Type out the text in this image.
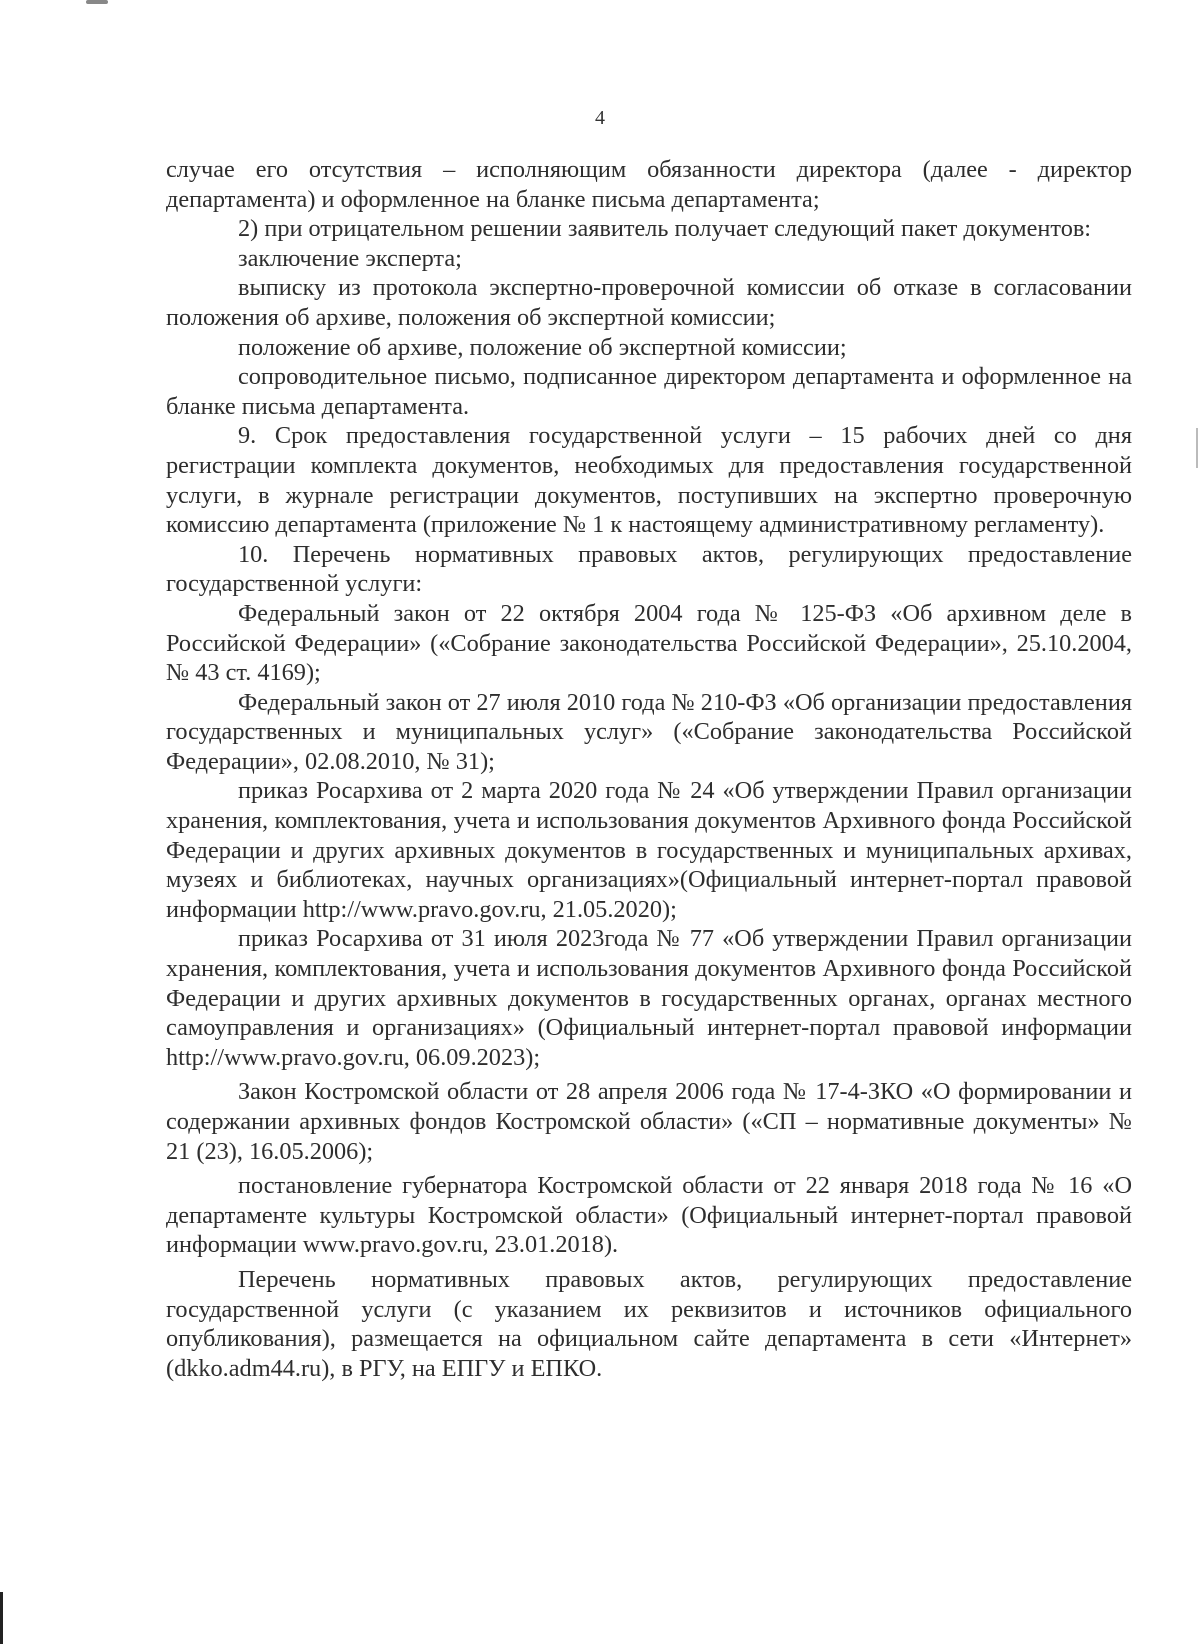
4

случае его отсутствия – исполняющим обязанности директора (далее - директор департамента) и оформленное на бланке письма департамента;

2) при отрицательном решении заявитель получает следующий пакет документов:

заключение эксперта;

выписку из протокола экспертно-проверочной комиссии об отказе в согласовании положения об архиве, положения об экспертной комиссии;

положение об архиве, положение об экспертной комиссии;

сопроводительное письмо, подписанное директором департамента и оформленное на бланке письма департамента.

9. Срок предоставления государственной услуги – 15 рабочих дней со дня регистрации комплекта документов, необходимых для предоставления государственной услуги, в журнале регистрации документов, поступивших на экспертно проверочную комиссию департамента (приложение № 1 к настоящему административному регламенту).

10. Перечень нормативных правовых актов, регулирующих предоставление государственной услуги:

Федеральный закон от 22 октября 2004 года № 125-ФЗ «Об архивном деле в Российской Федерации» («Собрание законодательства Российской Федерации», 25.10.2004, № 43 ст. 4169);

Федеральный закон от 27 июля 2010 года № 210-ФЗ «Об организации предоставления государственных и муниципальных услуг» («Собрание законодательства Российской Федерации», 02.08.2010, № 31);

приказ Росархива от 2 марта 2020 года № 24 «Об утверждении Правил организации хранения, комплектования, учета и использования документов Архивного фонда Российской Федерации и других архивных документов в государственных и муниципальных архивах, музеях и библиотеках, научных организациях»(Официальный интернет-портал правовой информации http://www.pravo.gov.ru, 21.05.2020);

приказ Росархива от 31 июля 2023года № 77 «Об утверждении Правил организации хранения, комплектования, учета и использования документов Архивного фонда Российской Федерации и других архивных документов в государственных органах, органах местного самоуправления и организациях» (Официальный интернет-портал правовой информации http://www.pravo.gov.ru, 06.09.2023);

Закон Костромской области от 28 апреля 2006 года № 17-4-ЗКО «О формировании и содержании архивных фондов Костромской области» («СП – нормативные документы» № 21 (23), 16.05.2006);

постановление губернатора Костромской области от 22 января 2018 года № 16 «О департаменте культуры Костромской области» (Официальный интернет-портал правовой информации www.pravo.gov.ru, 23.01.2018).

Перечень нормативных правовых актов, регулирующих предоставление государственной услуги (с указанием их реквизитов и источников официального опубликования), размещается на официальном сайте департамента в сети «Интернет» (dkko.adm44.ru), в РГУ, на ЕПГУ и ЕПКО.
